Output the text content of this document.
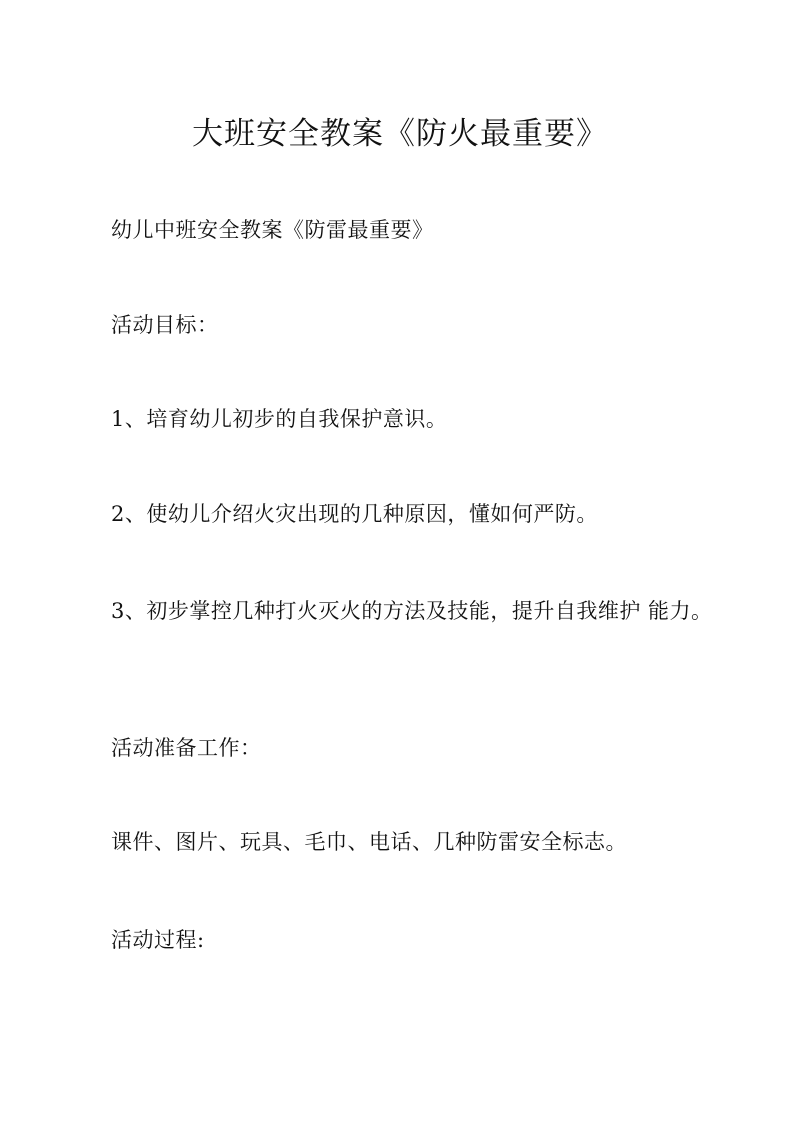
大班安全教案《防火最重要》

幼儿中班安全教案《防雷最重要》

活动目标：

1、培育幼儿初步的自我保护意识。

2、使幼儿介绍火灾出现的几种原因，懂如何严防。

3、初步掌控几种打火灭火的方法及技能，提升自我维护 能力。

活动准备工作：

课件、图片、玩具、毛巾、电话、几种防雷安全标志。

活动过程:
